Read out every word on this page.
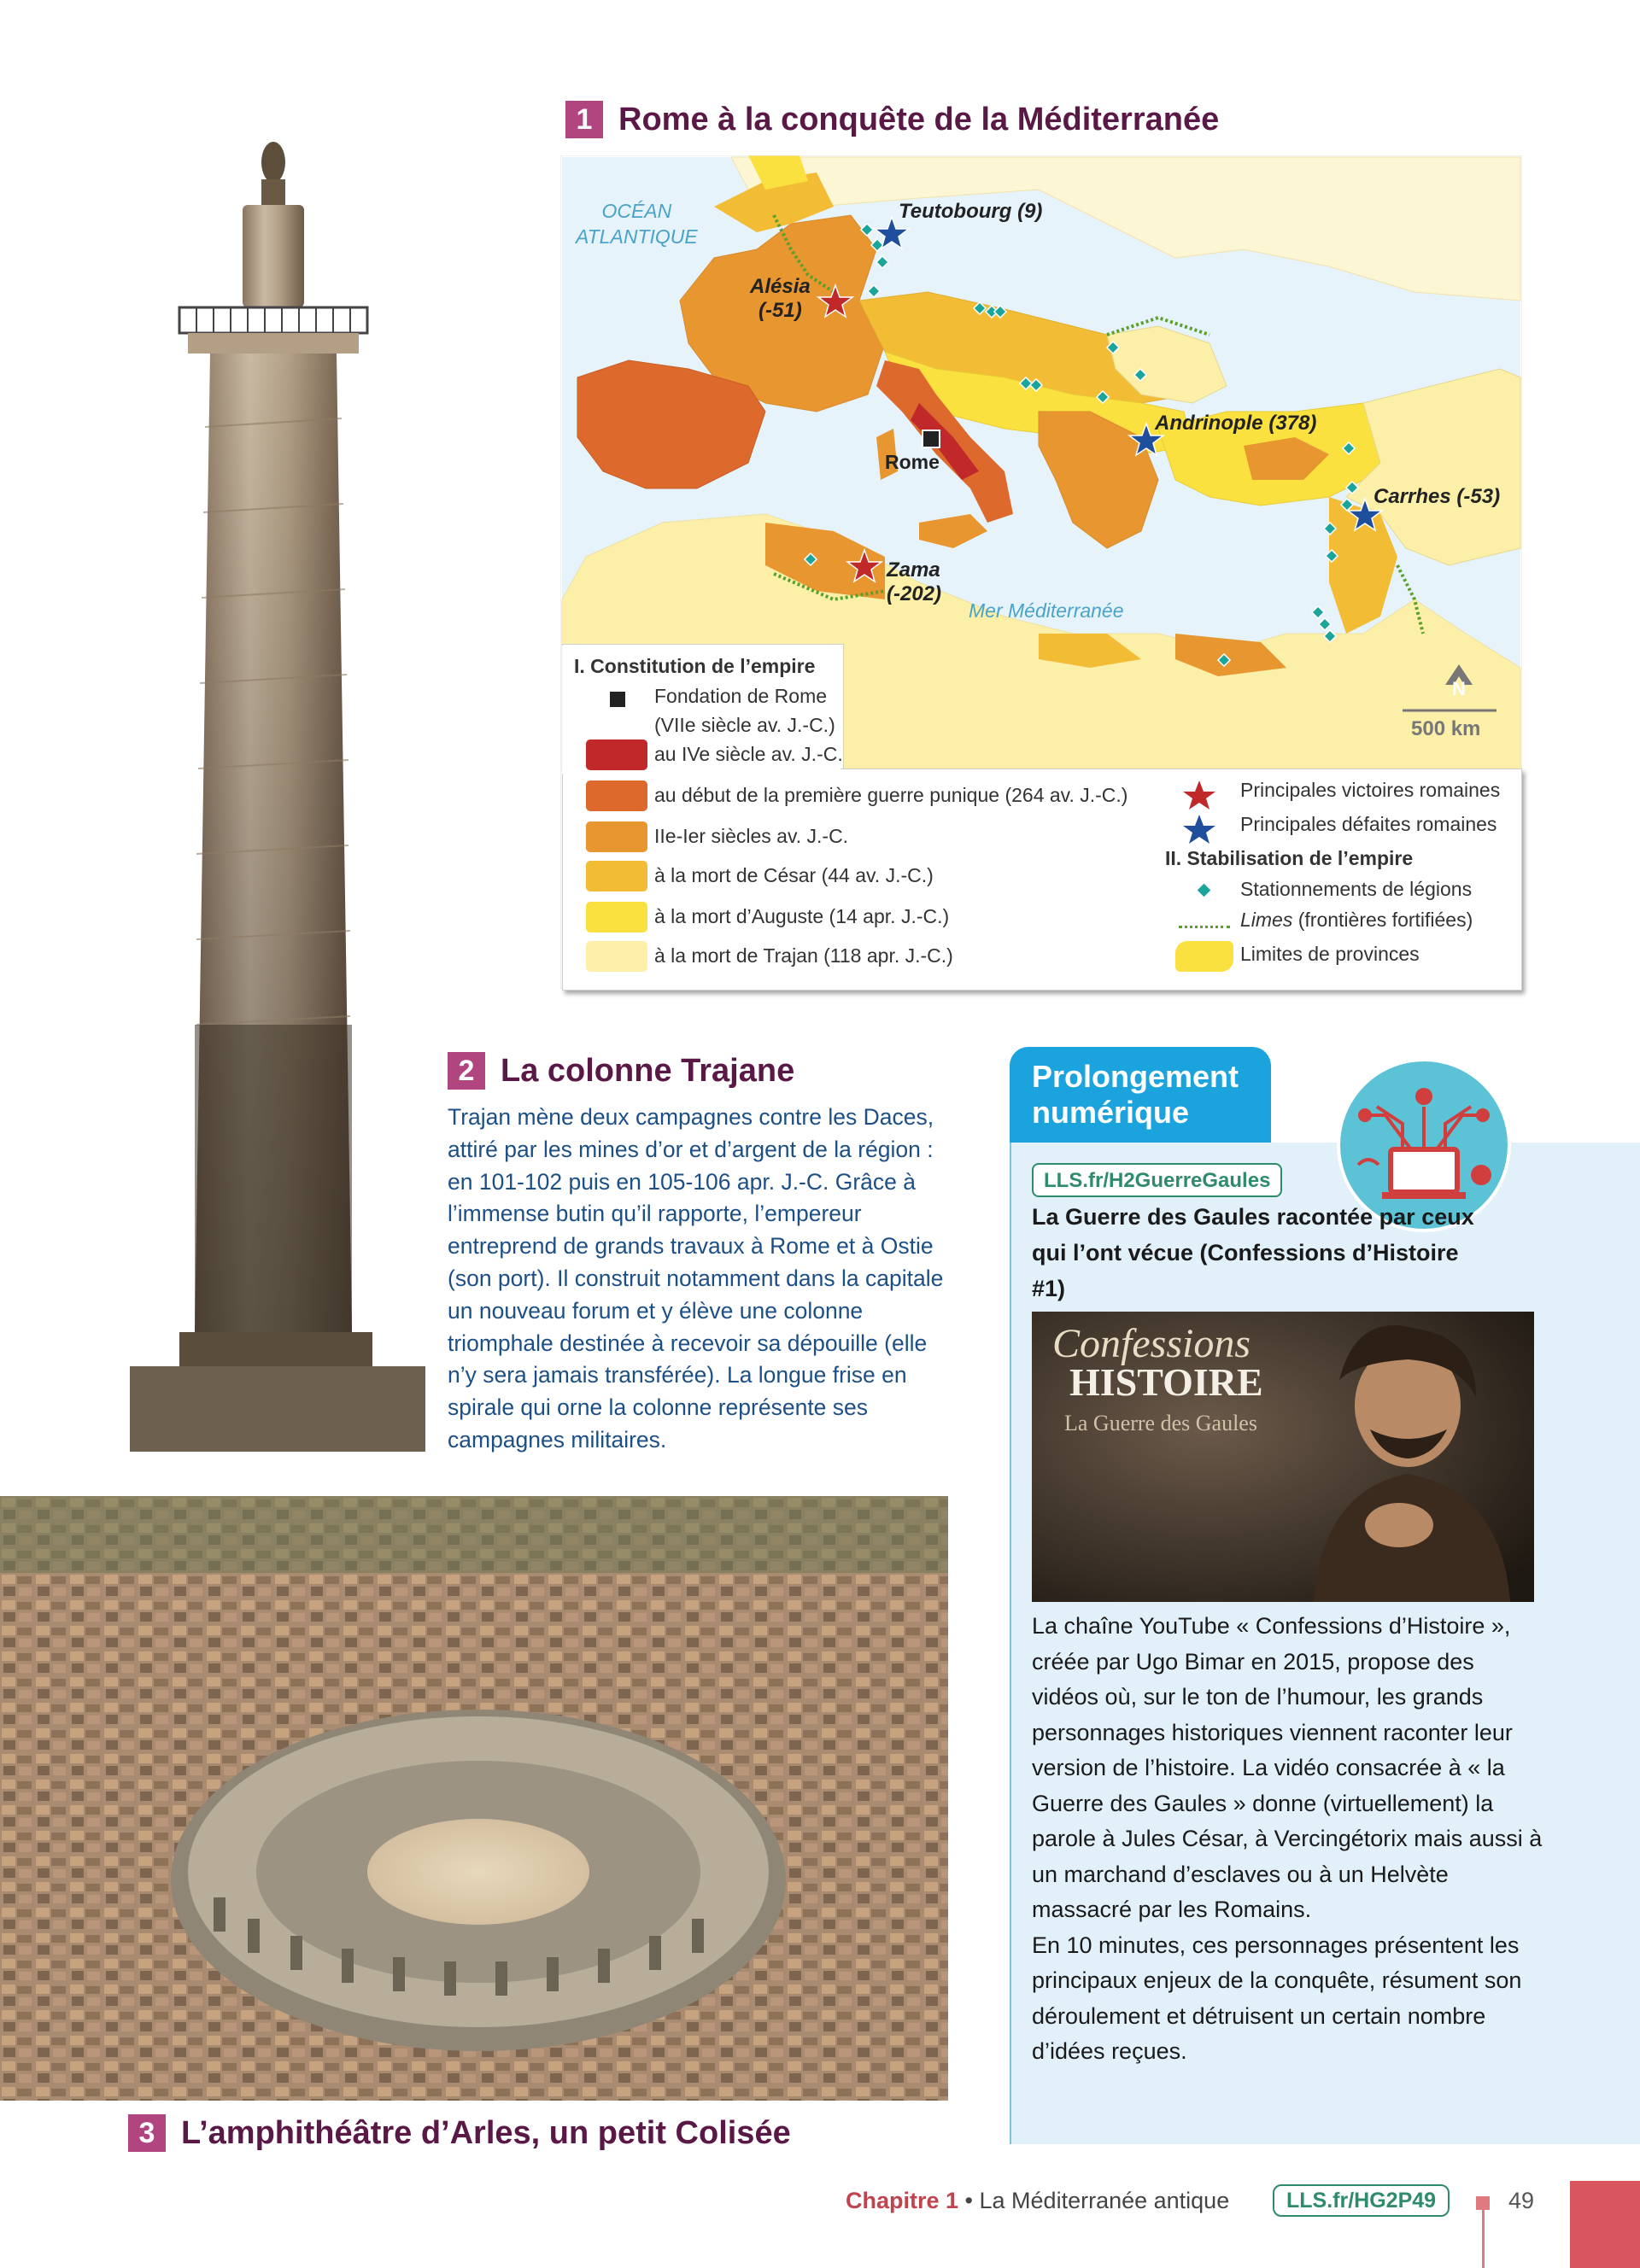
1 Rome à la conquête de la Méditerranée
OCÉAN
ATLANTIQUE
Teutobourg (9)
Alésia
(-51)
Rome
Andrinople (378)
Carrhes (-53)
Zama
(-202)
Mer Méditerranée
N
500 km
I. Constitution de l’empire
Fondation de Rome
(VIIe siècle av. J.-C.)
au IVe siècle av. J.-C.
au début de la première guerre punique (264 av. J.-C.)
IIe-Ier siècles av. J.-C.
à la mort de César (44 av. J.-C.)
à la mort d’Auguste (14 apr. J.-C.)
à la mort de Trajan (118 apr. J.-C.)
Principales victoires romaines
Principales défaites romaines
II. Stabilisation de l’empire
Stationnements de légions
Limes (frontières fortifiées)
Limites de provinces
2 La colonne Trajane
Trajan mène deux campagnes contre les Daces, attiré par les mines d’or et d’argent de la région : en 101-102 puis en 105-106 apr. J.-C. Grâce à l’immense butin qu’il rapporte, l’empereur entreprend de grands travaux à Rome et à Ostie (son port). Il construit notamment dans la capitale un nouveau forum et y élève une colonne triomphale destinée à recevoir sa dépouille (elle n’y sera jamais transférée). La longue frise en spirale qui orne la colonne représente ses campagnes militaires.
Prolongement numérique
LLS.fr/H2GuerreGaules
La Guerre des Gaules racontée par ceux qui l’ont vécue (Confessions d’Histoire #1)
Confessions
HISTOIRE
La Guerre des Gaules
La chaîne YouTube « Confessions d’Histoire », créée par Ugo Bimar en 2015, propose des vidéos où, sur le ton de l’humour, les grands personnages historiques viennent raconter leur version de l’histoire. La vidéo consacrée à « la Guerre des Gaules » donne (virtuellement) la parole à Jules César, à Vercingétorix mais aussi à un marchand d’esclaves ou à un Helvète massacré par les Romains.
En 10 minutes, ces personnages présentent les principaux enjeux de la conquête, résument son déroulement et détruisent un certain nombre d’idées reçues.
3 L’amphithéâtre d’Arles, un petit Colisée
Chapitre 1 • La Méditerranée antique	LLS.fr/HG2P49	49
